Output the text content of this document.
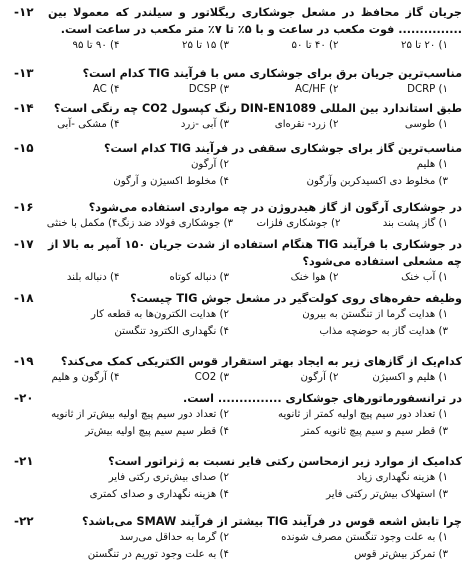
جریان گاز محافظ در مشعل جوشکاری ریگلاتور و سیلندر که معمولا بین ............... فوت مکعب در ساعت و با ۵٪ تا ۷٪ متر مکعب در ساعت است.
-۱۲
۱) ۲۰ تا ۲۵
۲) ۴۰ تا ۵۰
۳) ۱۵ تا ۲۵
۴) ۹۰ تا ۹۵
مناسب‌ترین جریان برق برای جوشکاری مس با فرآیند TIG کدام است؟
-۱۳
۱) DCRP
۲) AC/HF
۳) DCSP
۴) AC
طبق استاندارد بین المللی DIN-EN1089 رنگ کپسول CO2 چه رنگی است؟
-۱۴
۱) طوسی
۲) زرد- نقره‌ای
۳) آبی -زرد
۴) مشکی -آبی
مناسب‌ترین گاز برای جوشکاری سقفی در فرآیند TIG کدام است؟
-۱۵
۱) هلیم
۲) آرگون
۳) مخلوط دی اکسیدکربن وآرگون
۴) مخلوط اکسیژن و آرگون
در جوشکاری آرگون از گاز هیدروژن در چه مواردی استفاده می‌شود؟
-۱۶
۱) گاز پشت بند
۲) جوشکاری فلزات
۳) جوشکاری فولاد ضد زنگ
۴) مکمل با خنثی
در جوشکاری با فرآیند TIG هنگام استفاده از شدت جریان ۱۵۰ آمپر به بالا از چه مشعلی استفاده می‌شود؟
-۱۷
۱) آب خنک
۲) هوا خنک
۳) دنباله کوتاه
۴) دنباله بلند
وظیفه حفره‌های روی کولت‌گیر در مشعل جوش TIG چیست؟
-۱۸
۱) هدایت گرما از تنگستن به بیرون
۲) هدایت الکترون‌ها به قطعه کار
۳) هدایت گاز به حوضچه مذاب
۴) نگهداری الکترود تنگستن
کدام‌یک از گازهای زیر به ایجاد بهتر استقرار قوس الکتریکی کمک می‌کند؟
-۱۹
۱) هلیم و اکسیژن
۲) آرگون
۳) CO2
۴) آرگون و هلیم
در ترانسفورماتورهای جوشکاری ............... است.
-۲۰
۱) تعداد دور سیم پیچ اولیه کمتر از ثانویه
۲) تعداد دور سیم پیچ اولیه بیش‌تر از ثانویه
۳) قطر سیم و سیم پیچ ثانویه کمتر
۴) قطر سیم سیم پیچ اولیه بیش‌تر
کدامیک از موارد زیر ازمحاسن رکتی فایر نسبت به ژنراتور است؟
-۲۱
۱) هزینه نگهداری زیاد
۲) صدای بیش‌تری رکتی فایر
۳) استهلاک بیش‌تر رکتی فایر
۴) هزینه نگهداری و صدای کمتری
چرا تابش اشعه قوس در فرآیند TIG بیشتر از فرآیند SMAW می‌باشد؟
-۲۲
۱) به علت وجود تنگستن مصرف شونده
۲) گرما به حداقل می‌رسد
۳) تمرکز بیش‌تر قوس
۴) به علت وجود توریم در تنگستن
